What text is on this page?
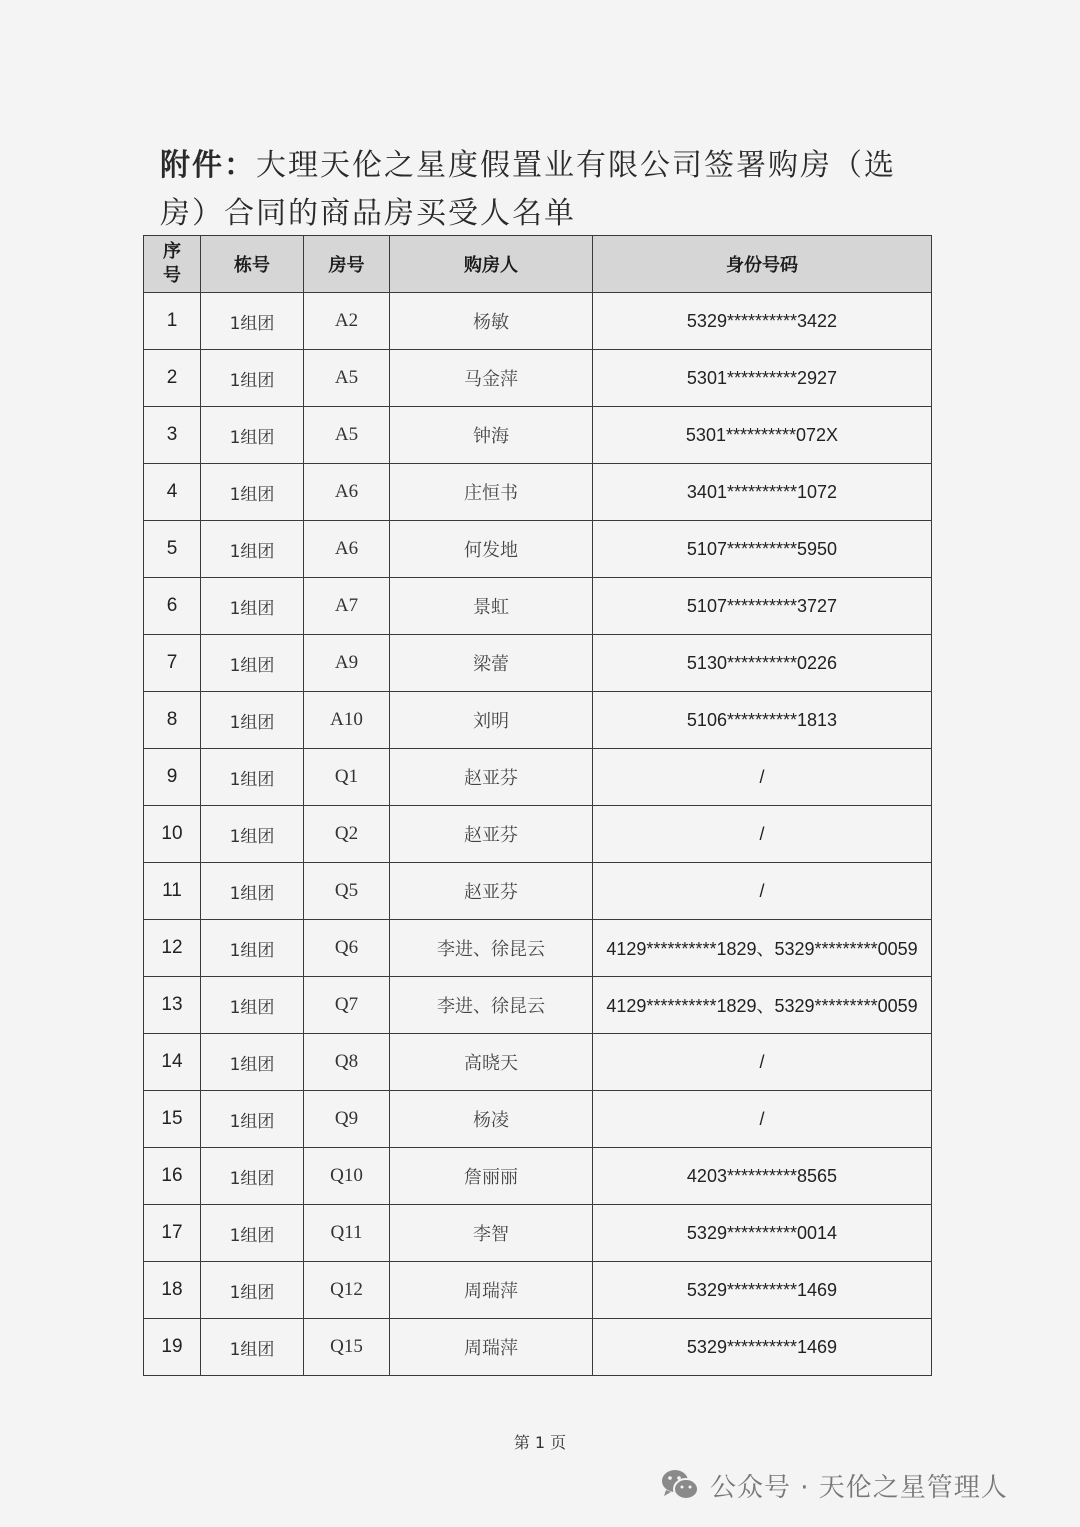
附件：大理天伦之星度假置业有限公司签署购房（选房）合同的商品房买受人名单
序号	栋号	房号	购房人	身份号码
1	1组团	A2	杨敏	5329**********3422
2	1组团	A5	马金萍	5301**********2927
3	1组团	A5	钟海	5301**********072X
4	1组团	A6	庄恒书	3401**********1072
5	1组团	A6	何发地	5107**********5950
6	1组团	A7	景虹	5107**********3727
7	1组团	A9	梁蕾	5130**********0226
8	1组团	A10	刘明	5106**********1813
9	1组团	Q1	赵亚芬	/
10	1组团	Q2	赵亚芬	/
11	1组团	Q5	赵亚芬	/
12	1组团	Q6	李进、徐昆云	4129**********1829、5329*********0059
13	1组团	Q7	李进、徐昆云	4129**********1829、5329*********0059
14	1组团	Q8	高晓天	/
15	1组团	Q9	杨凌	/
16	1组团	Q10	詹丽丽	4203**********8565
17	1组团	Q11	李智	5329**********0014
18	1组团	Q12	周瑞萍	5329**********1469
19	1组团	Q15	周瑞萍	5329**********1469
第 1 页
公众号 · 天伦之星管理人
